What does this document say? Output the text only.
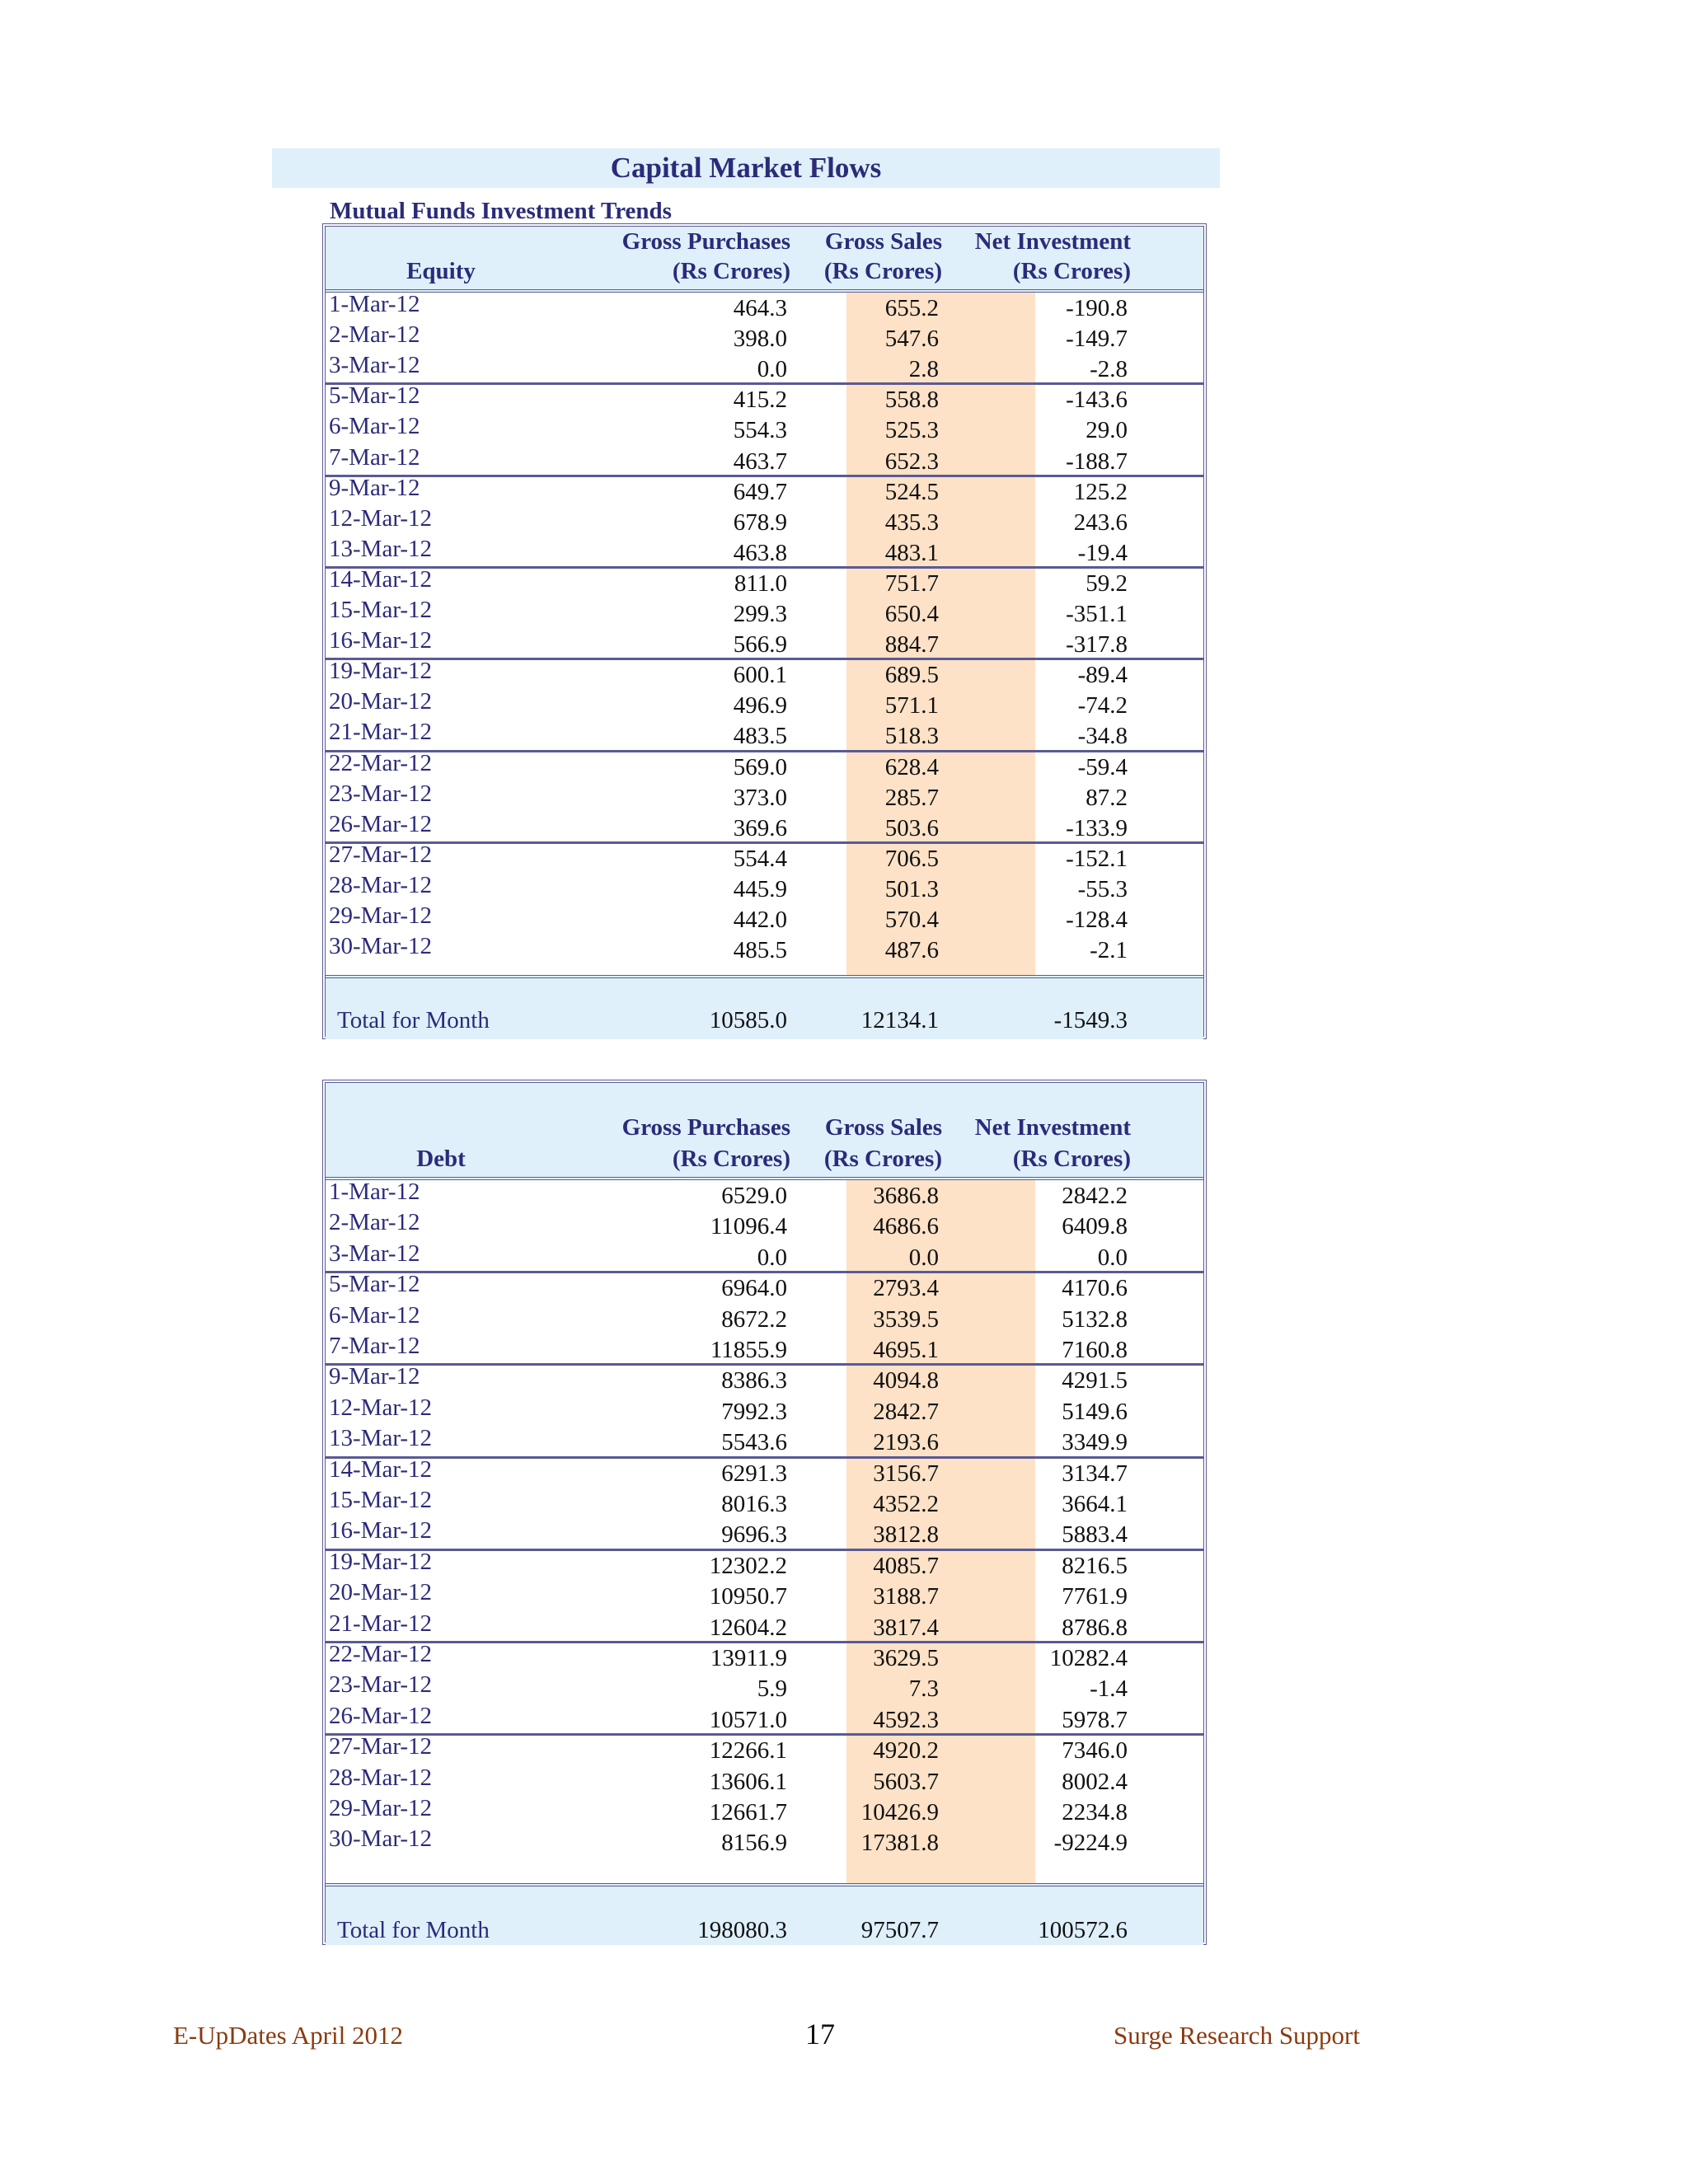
Capital Market Flows
Mutual Funds Investment Trends
Gross Purchases	Gross Sales	Net Investment
(Rs Crores)	(Rs Crores)	(Rs Crores)
Equity
1-Mar-12	464.3	655.2	-190.8
2-Mar-12	398.0	547.6	-149.7
3-Mar-12	0.0	2.8	-2.8
5-Mar-12	415.2	558.8	-143.6
6-Mar-12	554.3	525.3	29.0
7-Mar-12	463.7	652.3	-188.7
9-Mar-12	649.7	524.5	125.2
12-Mar-12	678.9	435.3	243.6
13-Mar-12	463.8	483.1	-19.4
14-Mar-12	811.0	751.7	59.2
15-Mar-12	299.3	650.4	-351.1
16-Mar-12	566.9	884.7	-317.8
19-Mar-12	600.1	689.5	-89.4
20-Mar-12	496.9	571.1	-74.2
21-Mar-12	483.5	518.3	-34.8
22-Mar-12	569.0	628.4	-59.4
23-Mar-12	373.0	285.7	87.2
26-Mar-12	369.6	503.6	-133.9
27-Mar-12	554.4	706.5	-152.1
28-Mar-12	445.9	501.3	-55.3
29-Mar-12	442.0	570.4	-128.4
30-Mar-12	485.5	487.6	-2.1
Total for Month	10585.0	12134.1	-1549.3
Gross Purchases	Gross Sales	Net Investment
(Rs Crores)	(Rs Crores)	(Rs Crores)
Debt
1-Mar-12	6529.0	3686.8	2842.2
2-Mar-12	11096.4	4686.6	6409.8
3-Mar-12	0.0	0.0	0.0
5-Mar-12	6964.0	2793.4	4170.6
6-Mar-12	8672.2	3539.5	5132.8
7-Mar-12	11855.9	4695.1	7160.8
9-Mar-12	8386.3	4094.8	4291.5
12-Mar-12	7992.3	2842.7	5149.6
13-Mar-12	5543.6	2193.6	3349.9
14-Mar-12	6291.3	3156.7	3134.7
15-Mar-12	8016.3	4352.2	3664.1
16-Mar-12	9696.3	3812.8	5883.4
19-Mar-12	12302.2	4085.7	8216.5
20-Mar-12	10950.7	3188.7	7761.9
21-Mar-12	12604.2	3817.4	8786.8
22-Mar-12	13911.9	3629.5	10282.4
23-Mar-12	5.9	7.3	-1.4
26-Mar-12	10571.0	4592.3	5978.7
27-Mar-12	12266.1	4920.2	7346.0
28-Mar-12	13606.1	5603.7	8002.4
29-Mar-12	12661.7	10426.9	2234.8
30-Mar-12	8156.9	17381.8	-9224.9
Total for Month	198080.3	97507.7	100572.6
E-UpDates April 2012	17	Surge Research Support
